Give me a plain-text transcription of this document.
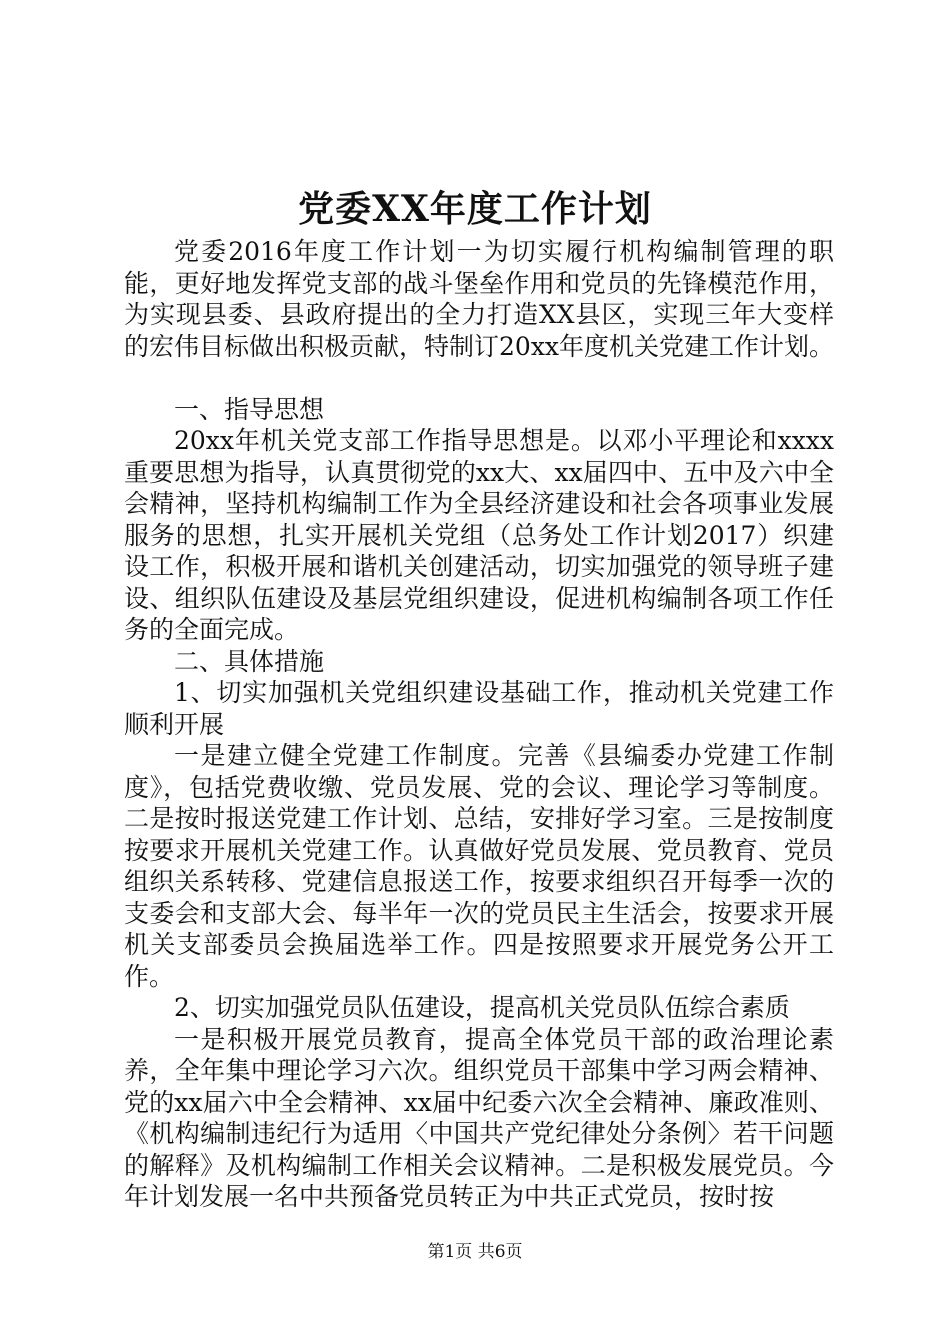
党委XX年度工作计划

党委2016年度工作计划一为切实履行机构编制管理的职能，更好地发挥党支部的战斗堡垒作用和党员的先锋模范作用，为实现县委、县政府提出的全力打造XX县区，实现三年大变样的宏伟目标做出积极贡献，特制订20xx年度机关党建工作计划。

一、指导思想

20xx年机关党支部工作指导思想是。以邓小平理论和xxxx重要思想为指导，认真贯彻党的xx大、xx届四中、五中及六中全会精神，坚持机构编制工作为全县经济建设和社会各项事业发展服务的思想，扎实开展机关党组（总务处工作计划2017）织建设工作，积极开展和谐机关创建活动，切实加强党的领导班子建设、组织队伍建设及基层党组织建设，促进机构编制各项工作任务的全面完成。

二、具体措施

1、切实加强机关党组织建设基础工作，推动机关党建工作顺利开展

一是建立健全党建工作制度。完善《县编委办党建工作制度》，包括党费收缴、党员发展、党的会议、理论学习等制度。二是按时报送党建工作计划、总结，安排好学习室。三是按制度按要求开展机关党建工作。认真做好党员发展、党员教育、党员组织关系转移、党建信息报送工作，按要求组织召开每季一次的支委会和支部大会、每半年一次的党员民主生活会，按要求开展机关支部委员会换届选举工作。四是按照要求开展党务公开工作。

2、切实加强党员队伍建设，提高机关党员队伍综合素质

一是积极开展党员教育，提高全体党员干部的政治理论素养，全年集中理论学习六次。组织党员干部集中学习两会精神、党的xx届六中全会精神、xx届中纪委六次全会精神、廉政准则、《机构编制违纪行为适用〈中国共产党纪律处分条例〉若干问题的解释》及机构编制工作相关会议精神。二是积极发展党员。今年计划发展一名中共预备党员转正为中共正式党员，按时按

第1页 共6页
